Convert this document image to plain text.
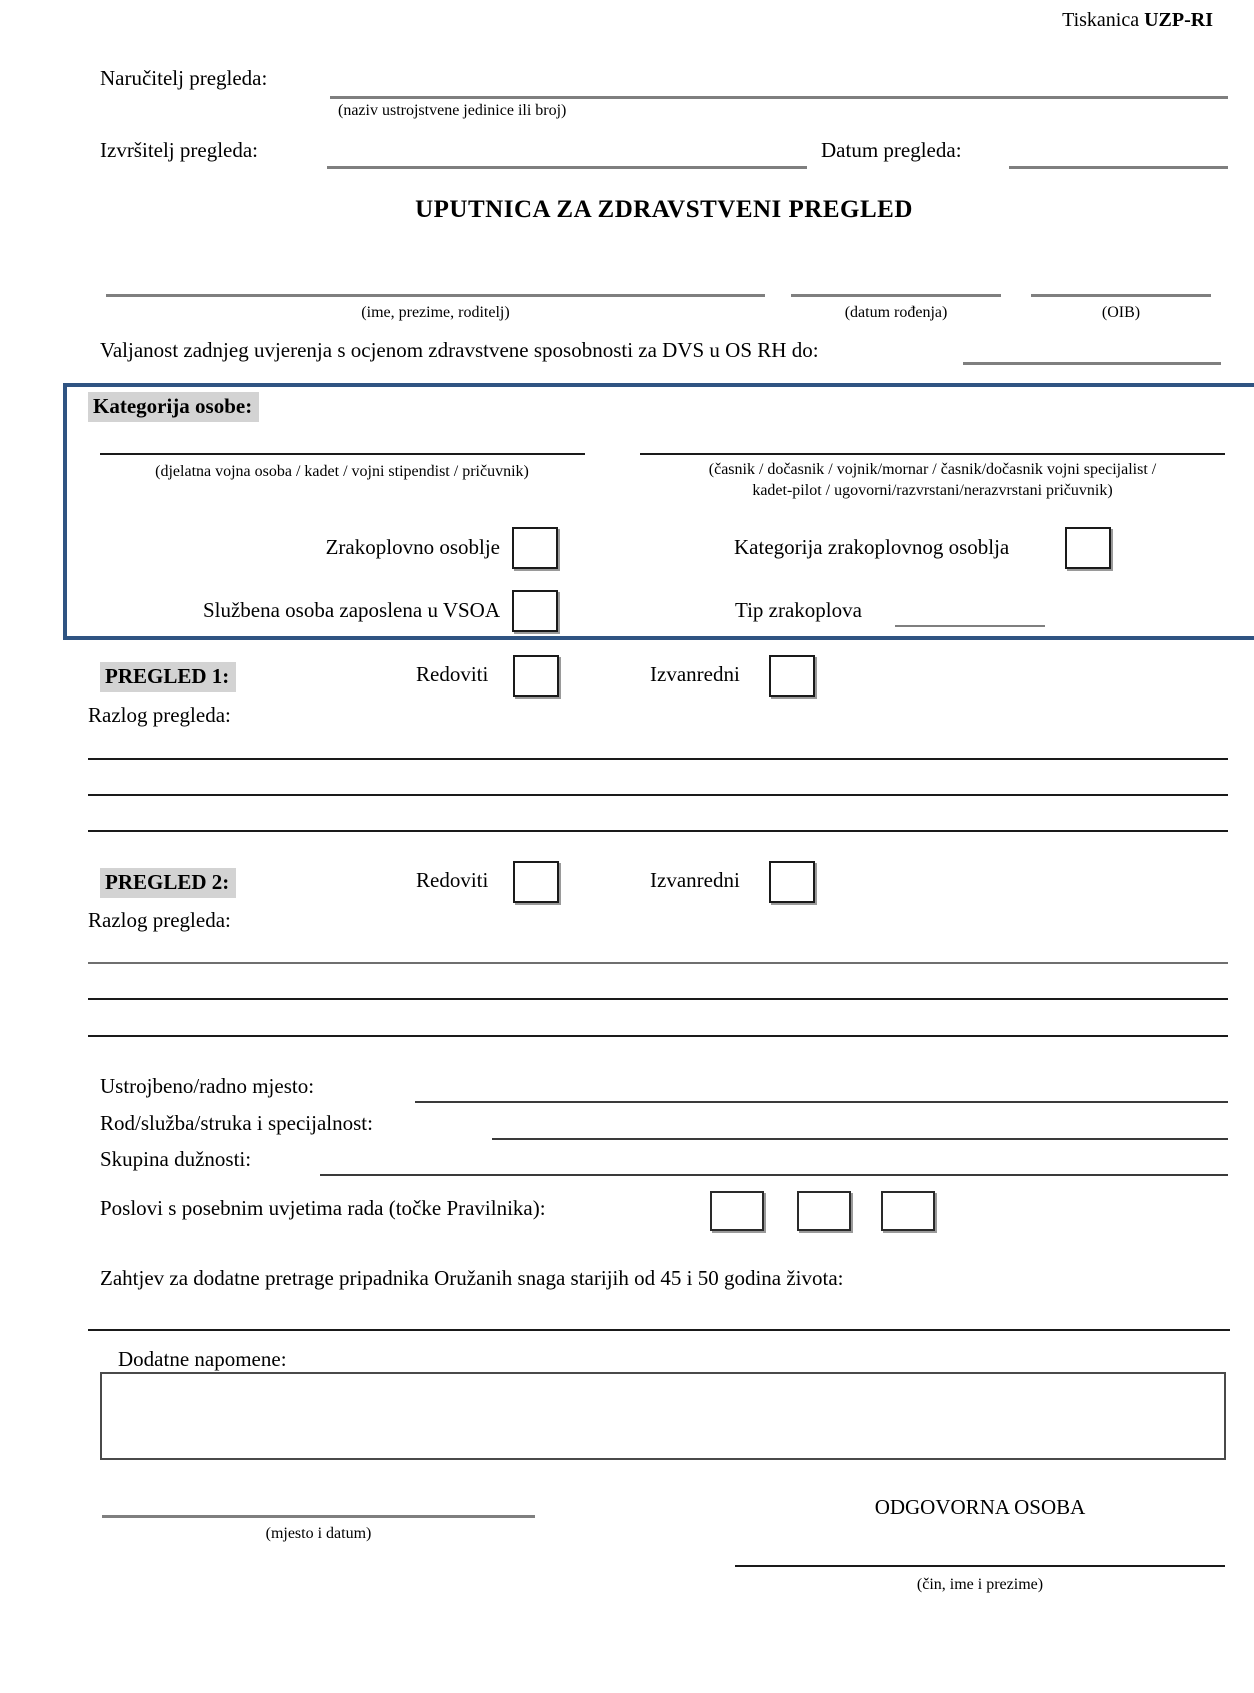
Tiskanica UZP-RI
Naručitelj pregleda:
(naziv ustrojstvene jedinice ili broj)
Izvršitelj pregleda:	Datum pregleda:
UPUTNICA ZA ZDRAVSTVENI PREGLED
(ime, prezime, roditelj)	(datum rođenja)	(OIB)
Valjanost zadnjeg uvjerenja s ocjenom zdravstvene sposobnosti za DVS u OS RH do:
Kategorija osobe:
(djelatna vojna osoba / kadet / vojni stipendist / pričuvnik)	(časnik / dočasnik / vojnik/mornar / časnik/dočasnik vojni specijalist /
kadet-pilot / ugovorni/razvrstani/nerazvrstani pričuvnik)
Zrakoplovno osoblje	Kategorija zrakoplovnog osoblja
Službena osoba zaposlena u VSOA	Tip zrakoplova
PREGLED 1:	Redoviti	Izvanredni
Razlog pregleda:
PREGLED 2:	Redoviti	Izvanredni
Razlog pregleda:
Ustrojbeno/radno mjesto:
Rod/služba/struka i specijalnost:
Skupina dužnosti:
Poslovi s posebnim uvjetima rada (točke Pravilnika):
Zahtjev za dodatne pretrage pripadnika Oružanih snaga starijih od 45 i 50 godina života:
Dodatne napomene:
(mjesto i datum)
ODGOVORNA OSOBA
(čin, ime i prezime)
